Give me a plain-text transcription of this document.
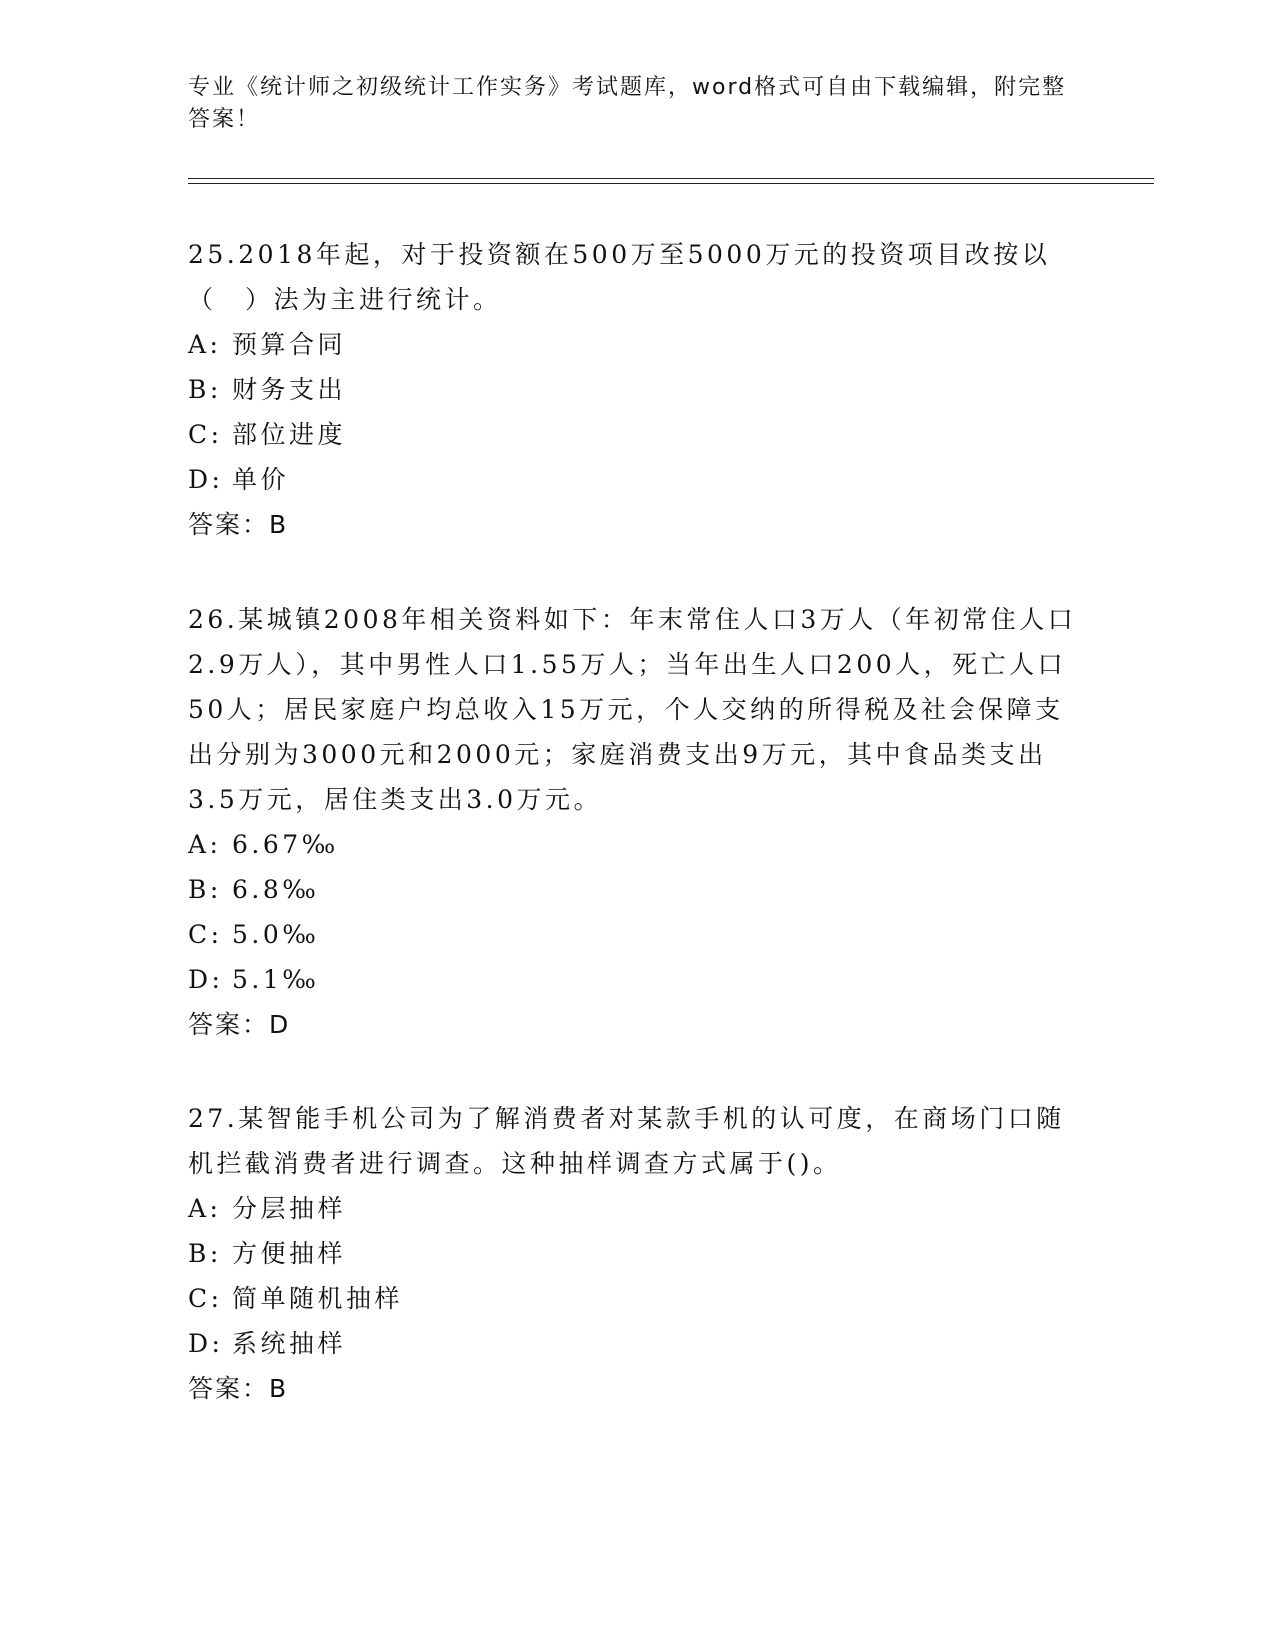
专业《统计师之初级统计工作实务》考试题库，word格式可自由下载编辑，附完整答案！

25.2018年起，对于投资额在500万至5000万元的投资项目改按以（　）法为主进行统计。

A: 预算合同

B: 财务支出

C: 部位进度

D: 单价

答案：B

26.某城镇2008年相关资料如下：年末常住人口3万人（年初常住人口2.9万人），其中男性人口1.55万人；当年出生人口200人，死亡人口50人；居民家庭户均总收入15万元，个人交纳的所得税及社会保障支出分别为3000元和2000元；家庭消费支出9万元，其中食品类支出3.5万元，居住类支出3.0万元。

A: 6.67‰

B: 6.8‰

C: 5.0‰

D: 5.1‰

答案：D

27.某智能手机公司为了解消费者对某款手机的认可度，在商场门口随机拦截消费者进行调查。这种抽样调查方式属于()。

A: 分层抽样

B: 方便抽样

C: 简单随机抽样

D: 系统抽样

答案：B
